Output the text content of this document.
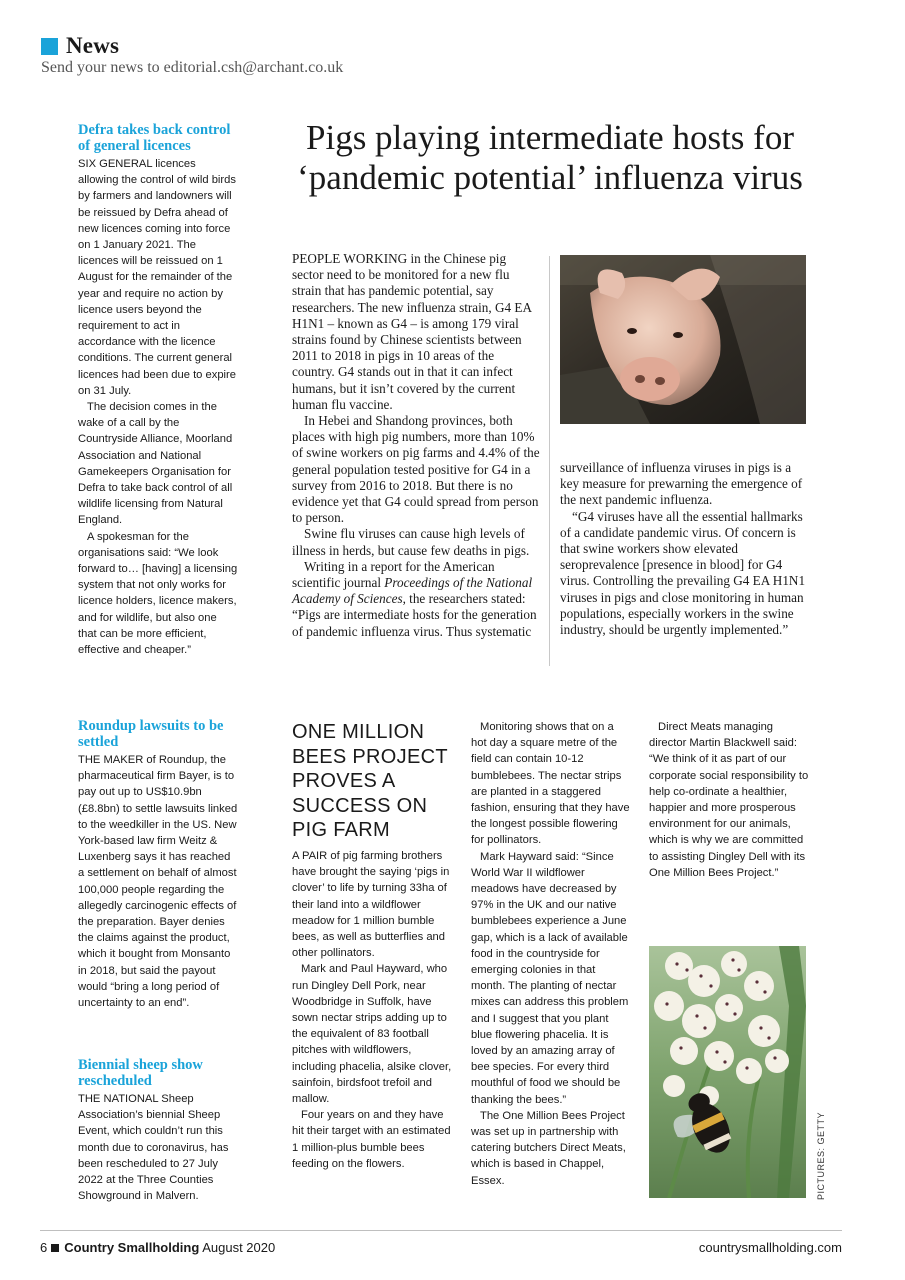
News
Send your news to editorial.csh@archant.co.uk
Defra takes back control of general licences

SIX GENERAL licences allowing the control of wild birds by farmers and landowners will be reissued by Defra ahead of new licences coming into force on 1 January 2021. The licences will be reissued on 1 August for the remainder of the year and require no action by licence users beyond the requirement to act in accordance with the licence conditions. The current general licences had been due to expire on 31 July.

The decision comes in the wake of a call by the Countryside Alliance, Moorland Association and National Gamekeepers Organisation for Defra to take back control of all wildlife licensing from Natural England.

A spokesman for the organisations said: “We look forward to… [having] a licensing system that not only works for licence holders, licence makers, and for wildlife, but also one that can be more efficient, effective and cheaper.”

Roundup lawsuits to be settled

THE MAKER of Roundup, the pharmaceutical firm Bayer, is to pay out up to US$10.9bn (£8.8bn) to settle lawsuits linked to the weedkiller in the US. New York-based law firm Weitz & Luxenberg says it has reached a settlement on behalf of almost 100,000 people regarding the allegedly carcinogenic effects of the preparation. Bayer denies the claims against the product, which it bought from Monsanto in 2018, but said the payout would “bring a long period of uncertainty to an end”.

Biennial sheep show rescheduled

THE NATIONAL Sheep Association’s biennial Sheep Event, which couldn’t run this month due to coronavirus, has been rescheduled to 27 July 2022 at the Three Counties Showground in Malvern.

Pigs playing intermediate hosts for ‘pandemic potential’ influenza virus

PEOPLE WORKING in the Chinese pig sector need to be monitored for a new flu strain that has pandemic potential, say researchers. The new influenza strain, G4 EA H1N1 – known as G4 – is among 179 viral strains found by Chinese scientists between 2011 to 2018 in pigs in 10 areas of the country. G4 stands out in that it can infect humans, but it isn’t covered by the current human flu vaccine.

In Hebei and Shandong provinces, both places with high pig numbers, more than 10% of swine workers on pig farms and 4.4% of the general population tested positive for G4 in a survey from 2016 to 2018. But there is no evidence yet that G4 could spread from person to person.

Swine flu viruses can cause high levels of illness in herds, but cause few deaths in pigs.

Writing in a report for the American scientific journal Proceedings of the National Academy of Sciences, the researchers stated: “Pigs are intermediate hosts for the generation of pandemic influenza virus. Thus systematic

surveillance of influenza viruses in pigs is a key measure for prewarning the emergence of the next pandemic influenza.

“G4 viruses have all the essential hallmarks of a candidate pandemic virus. Of concern is that swine workers show elevated seroprevalence [presence in blood] for G4 virus. Controlling the prevailing G4 EA H1N1 viruses in pigs and close monitoring in human populations, especially workers in the swine industry, should be urgently implemented.”

ONE MILLION BEES PROJECT PROVES A SUCCESS ON PIG FARM

A PAIR of pig farming brothers have brought the saying ‘pigs in clover’ to life by turning 33ha of their land into a wildflower meadow for 1 million bumble bees, as well as butterflies and other pollinators.

Mark and Paul Hayward, who run Dingley Dell Pork, near Woodbridge in Suffolk, have sown nectar strips adding up to the equivalent of 83 football pitches with wildflowers, including phacelia, alsike clover, sainfoin, birdsfoot trefoil and mallow.

Four years on and they have hit their target with an estimated 1 million-plus bumble bees feeding on the flowers.

Monitoring shows that on a hot day a square metre of the field can contain 10-12 bumblebees. The nectar strips are planted in a staggered fashion, ensuring that they have the longest possible flowering for pollinators.

Mark Hayward said: “Since World War II wildflower meadows have decreased by 97% in the UK and our native bumblebees experience a June gap, which is a lack of available food in the countryside for emerging colonies in that month. The planting of nectar mixes can address this problem and I suggest that you plant blue flowering phacelia. It is loved by an amazing array of bee species. For every third mouthful of food we should be thanking the bees.”

The One Million Bees Project was set up in partnership with catering butchers Direct Meats, which is based in Chappel, Essex.

Direct Meats managing director Martin Blackwell said: “We think of it as part of our corporate social responsibility to help co-ordinate a healthier, happier and more prosperous environment for our animals, which is why we are committed to assisting Dingley Dell with its One Million Bees Project.”

PICTURES: GETTY
6 Country Smallholding August 2020	countrysmallholding.com
